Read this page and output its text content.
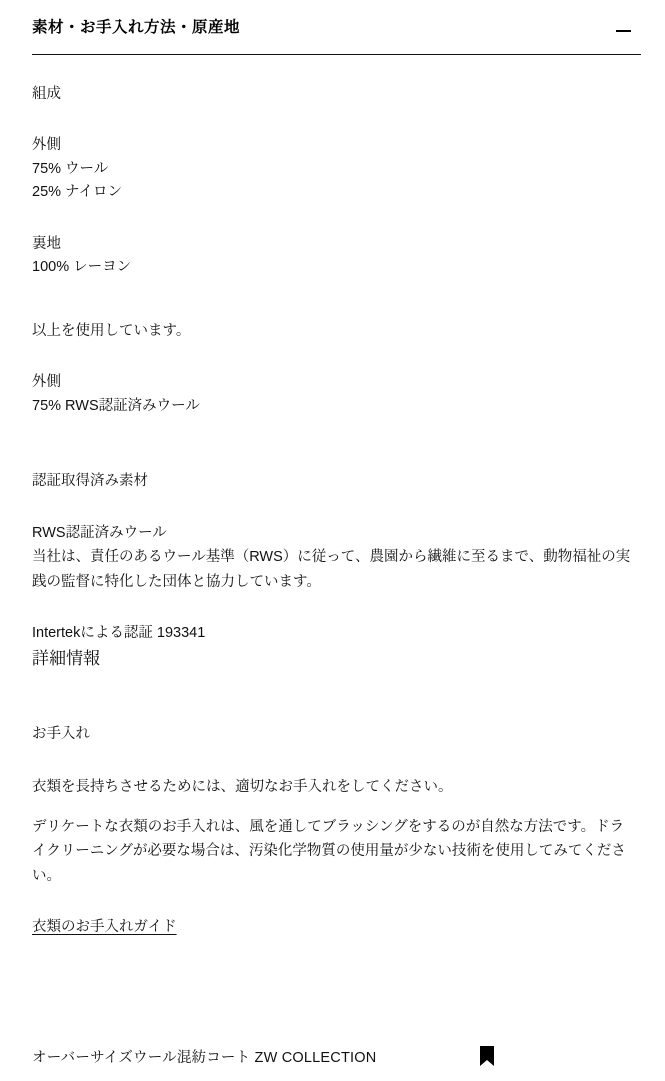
素材・お手入れ方法・原産地
組成
外側
75% ウール
25% ナイロン
裏地
100% レーヨン
以上を使用しています。
外側
75% RWS認証済みウール
認証取得済み素材
RWS認証済みウール
当社は、責任のあるウール基準（RWS）に従って、農園から繊維に至るまで、動物福祉の実践の監督に特化した団体と協力しています。
Intertekによる認証 193341
詳細情報
お手入れ
衣類を長持ちさせるためには、適切なお手入れをしてください。
デリケートな衣類のお手入れは、風を通してブラッシングをするのが自然な方法です。ドライクリーニングが必要な場合は、汚染化学物質の使用量が少ない技術を使用してみてください。
衣類のお手入れガイド
オーバーサイズウール混紡コート ZW COLLECTION
